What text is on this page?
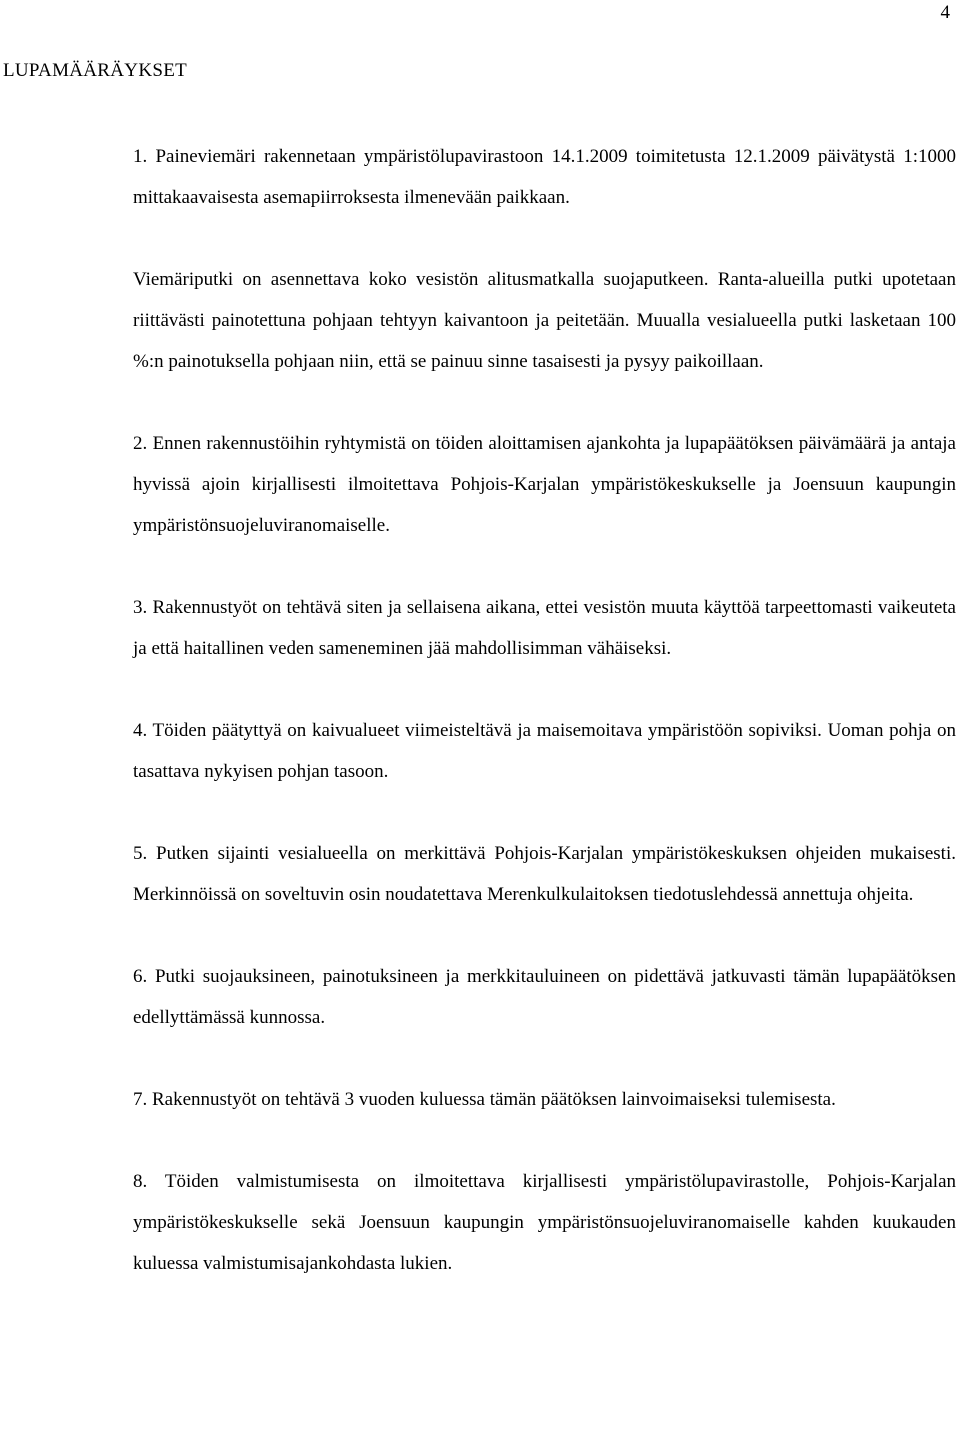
4
LUPAMÄÄRÄYKSET

1. Paineviemäri rakennetaan ympäristölupavirastoon 14.1.2009 toimitetusta 12.1.2009 päivätystä 1:1000 mittakaavaisesta asemapiirroksesta ilmenevään paikkaan.

Viemäriputki on asennettava koko vesistön alitusmatkalla suojaputkeen. Ranta-alueilla putki upotetaan riittävästi painotettuna pohjaan tehtyyn kaivantoon ja peitetään. Muualla vesialueella putki lasketaan 100 %:n painotuksella pohjaan niin, että se painuu sinne tasaisesti ja pysyy paikoillaan.

2. Ennen rakennustöihin ryhtymistä on töiden aloittamisen ajankohta ja lupapäätöksen päivämäärä ja antaja hyvissä ajoin kirjallisesti ilmoitettava Pohjois-Karjalan ympäristökeskukselle ja Joensuun kaupungin ympäristönsuojeluviranomaiselle.

3. Rakennustyöt on tehtävä siten ja sellaisena aikana, ettei vesistön muuta käyttöä tarpeettomasti vaikeuteta ja että haitallinen veden sameneminen jää mahdollisimman vähäiseksi.

4. Töiden päätyttyä on kaivualueet viimeisteltävä ja maisemoitava ympäristöön sopiviksi. Uoman pohja on tasattava nykyisen pohjan tasoon.

5. Putken sijainti vesialueella on merkittävä Pohjois-Karjalan ympäristökeskuksen ohjeiden mukaisesti. Merkinnöissä on soveltuvin osin noudatettava Merenkulkulaitoksen tiedotuslehdessä annettuja ohjeita.

6. Putki suojauksineen, painotuksineen ja merkkitauluineen on pidettävä jatkuvasti tämän lupapäätöksen edellyttämässä kunnossa.

7. Rakennustyöt on tehtävä 3 vuoden kuluessa tämän päätöksen lainvoimaiseksi tulemisesta.

8. Töiden valmistumisesta on ilmoitettava kirjallisesti ympäristölupavirastolle, Pohjois-Karjalan ympäristökeskukselle sekä Joensuun kaupungin ympäristönsuojeluviranomaiselle kahden kuukauden kuluessa valmistumisajankohdasta lukien.
